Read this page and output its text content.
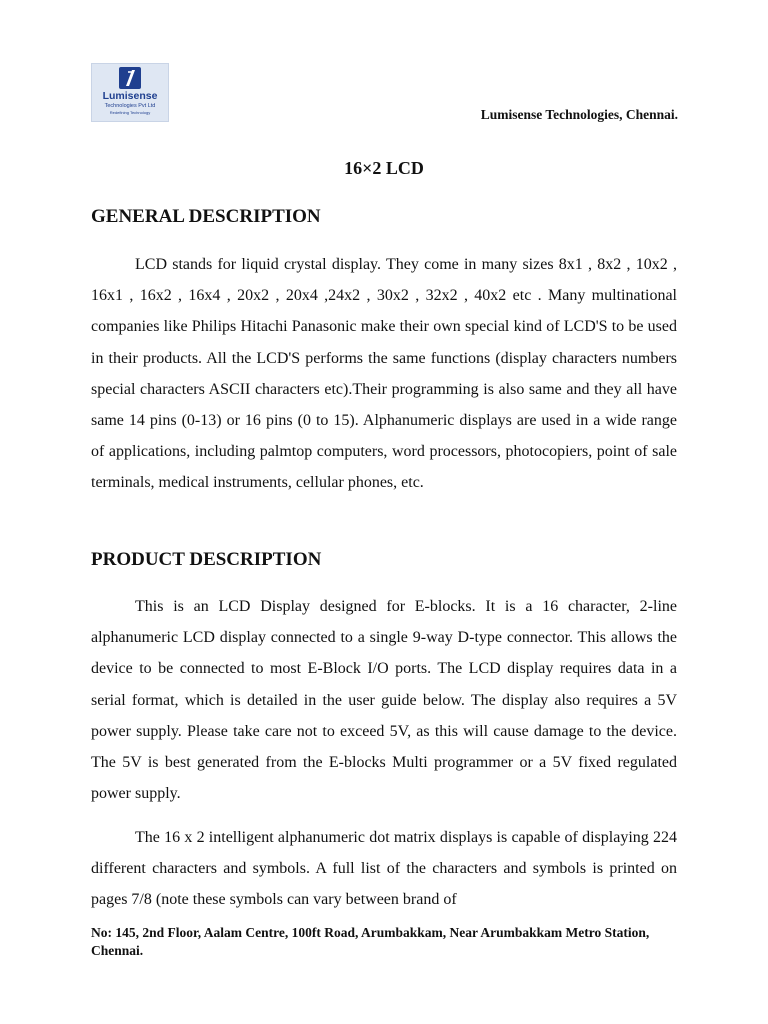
Lumisense
Technologies Pvt Ltd
Redefining Technology	Lumisense Technologies, Chennai.
16×2 LCD
GENERAL DESCRIPTION

LCD stands for liquid crystal display. They come in many sizes 8x1 , 8x2 , 10x2 , 16x1 , 16x2 , 16x4 , 20x2 , 20x4 ,24x2 , 30x2 , 32x2 , 40x2 etc . Many multinational companies like Philips Hitachi Panasonic make their own special kind of LCD'S to be used in their products. All the LCD'S performs the same functions (display characters numbers special characters ASCII characters etc).Their programming is also same and they all have same 14 pins (0-13) or 16 pins (0 to 15). Alphanumeric displays are used in a wide range of applications, including palmtop computers, word processors, photocopiers, point of sale terminals, medical instruments, cellular phones, etc.

PRODUCT DESCRIPTION

This is an LCD Display designed for E-blocks. It is a 16 character, 2-line alphanumeric LCD display connected to a single 9-way D-type connector. This allows the device to be connected to most E-Block I/O ports. The LCD display requires data in a serial format, which is detailed in the user guide below. The display also requires a 5V power supply. Please take care not to exceed 5V, as this will cause damage to the device. The 5V is best generated from the E-blocks Multi programmer or a 5V fixed regulated power supply.

The 16 x 2 intelligent alphanumeric dot matrix displays is capable of displaying 224 different characters and symbols. A full list of the characters and symbols is printed on pages 7/8 (note these symbols can vary between brand of

No: 145, 2nd Floor, Aalam Centre, 100ft Road, Arumbakkam, Near Arumbakkam Metro Station, Chennai.
